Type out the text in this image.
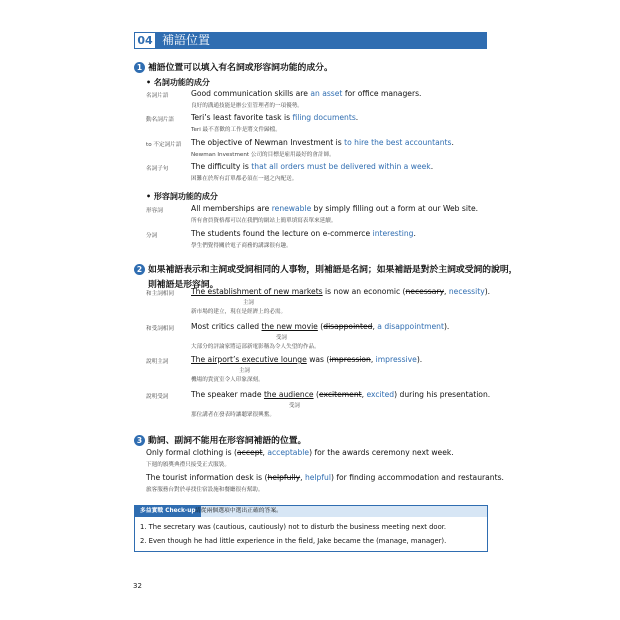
04 補語位置
1 補語位置可以填入有名詞或形容詞功能的成分。
• 名詞功能的成分
名詞片語	Good communication skills are an asset for office managers.
良好的溝通技能是辦公室管理者的一項優勢。
動名詞片語 Teri’s least favorite task is filing documents.
Teri 最不喜歡的工作是將文件歸檔。
to 不定詞片語 The objective of Newman Investment is to hire the best accountants.
Newman Investment 公司的目標是雇用最好的會計師。
名詞子句	The difficulty is that all orders must be delivered within a week.
困難在於所有訂單都必須在一週之內配送。
• 形容詞功能的成分
形容詞	All memberships are renewable by simply filling out a form at our Web site.
所有會員資格都可以在我們的網站上簡單填寫表單來延續。
分詞	The students found the lecture on e-commerce interesting.
學生們覺得關於電子商務的講課很有趣。
2 如果補語表示和主詞或受詞相同的人事物，則補語是名詞；如果補語是對於主詞或受詞的說明，
則補語是形容詞。
和主詞相同 The establishment of new markets is now an economic (necessary, necessity).
主詞
新市場的建立，現在是經濟上的必需。
和受詞相同 Most critics called the new movie (disappointed, a disappointment).
受詞
大部分的評論家將這部新電影稱為令人失望的作品。
說明主詞	The airport’s executive lounge was (impression, impressive).
主詞
機場的貴賓室令人印象深刻。
說明受詞	The speaker made the audience (excitement, excited) during his presentation.
受詞
那位講者在發表時讓聽眾很興奮。
3 動詞、副詞不能用在形容詞補語的位置。
Only formal clothing is (accept, acceptable) for the awards ceremony next week.
下週的頒獎典禮只接受正式服裝。
The tourist information desk is (helpfully, helpful) for finding accommodation and restaurants.
旅客服務台對於尋找住宿設施和餐廳很有幫助。
多益實戰 Check-up 請從兩個選項中選出正確的答案。
1. The secretary was (cautious, cautiously) not to disturb the business meeting next door.
2. Even though he had little experience in the field, Jake became the (manage, manager).
32
